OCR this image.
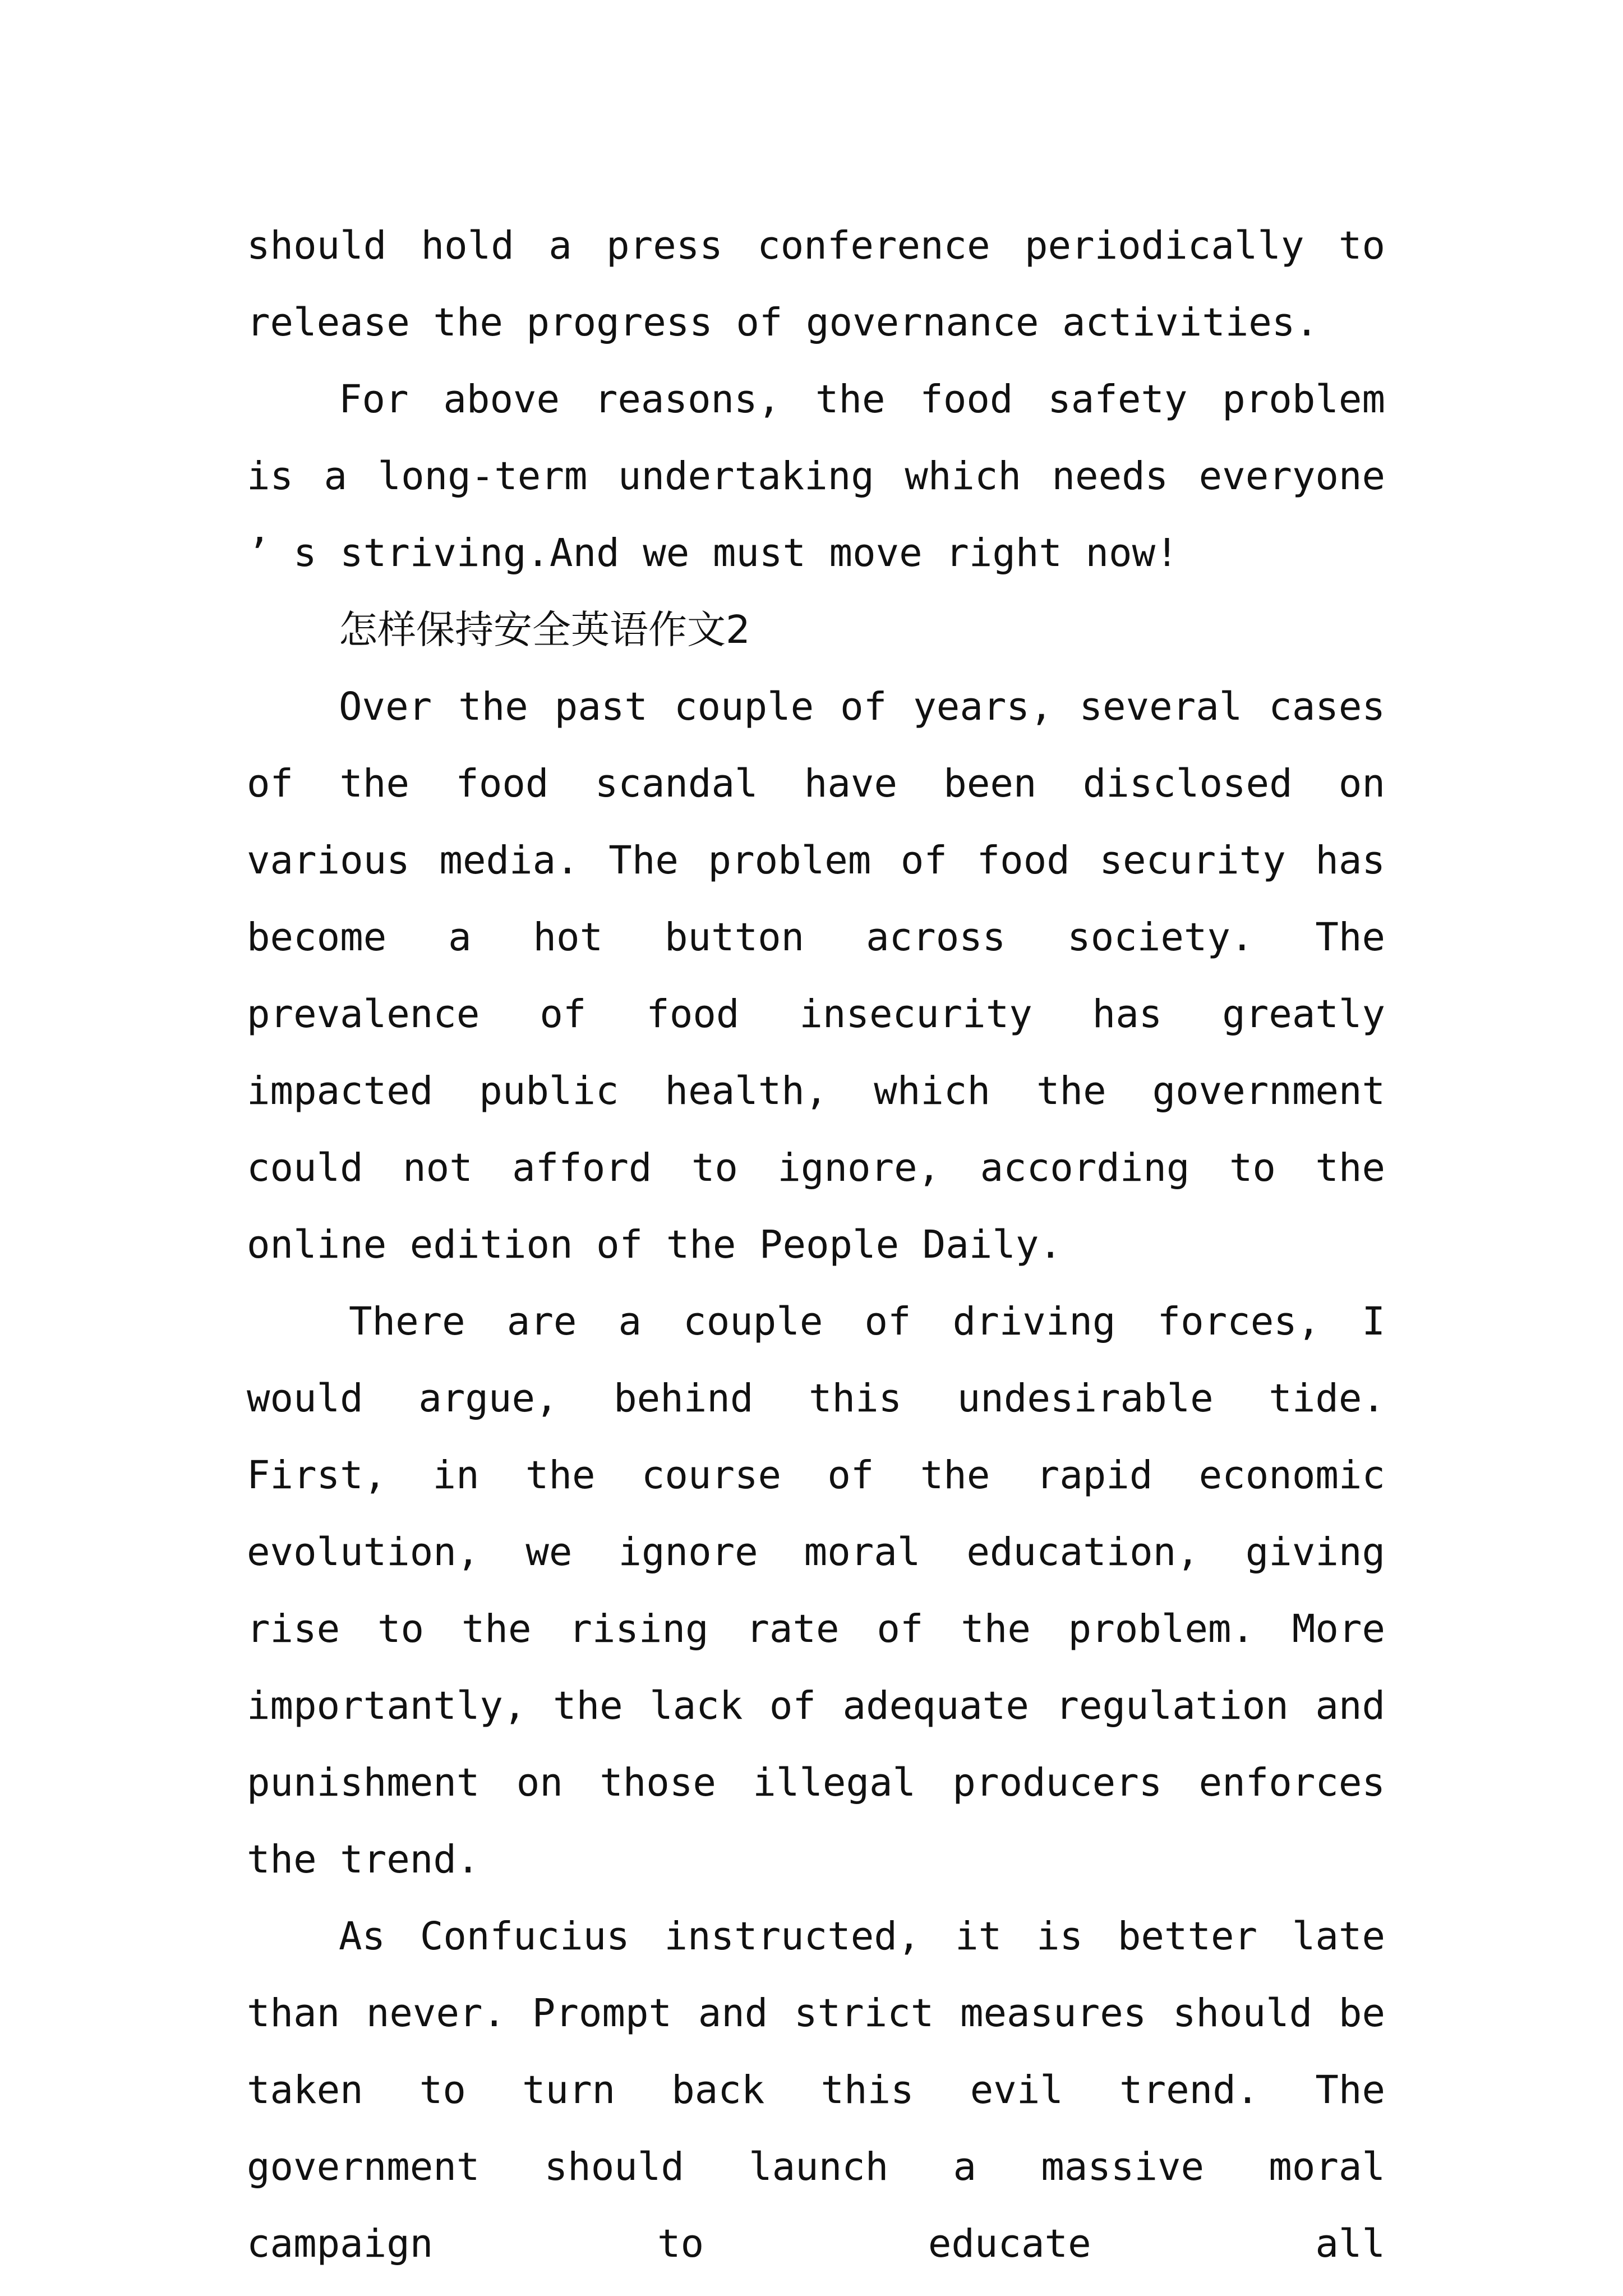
should hold a press conference periodically to release the progress of governance activities.

For above reasons, the food safety problem is a long-term undertaking which needs everyone ’ s striving.And we must move right now!

怎样保持安全英语作文2

Over the past couple of years, several cases of the food scandal have been disclosed on various media. The problem of food security has become a hot button across society. The prevalence of food insecurity has greatly impacted public health, which the government could not afford to ignore, according to the online edition of the People Daily.

There are a couple of driving forces, I would argue, behind this undesirable tide. First, in the course of the rapid economic evolution, we ignore moral education, giving rise to the rising rate of the problem. More importantly, the lack of adequate regulation and punishment on those illegal producers enforces the trend.

As Confucius instructed, it is better late than never. Prompt and strict measures should be taken to turn back this evil trend. The government should launch a massive moral campaign to educate all
